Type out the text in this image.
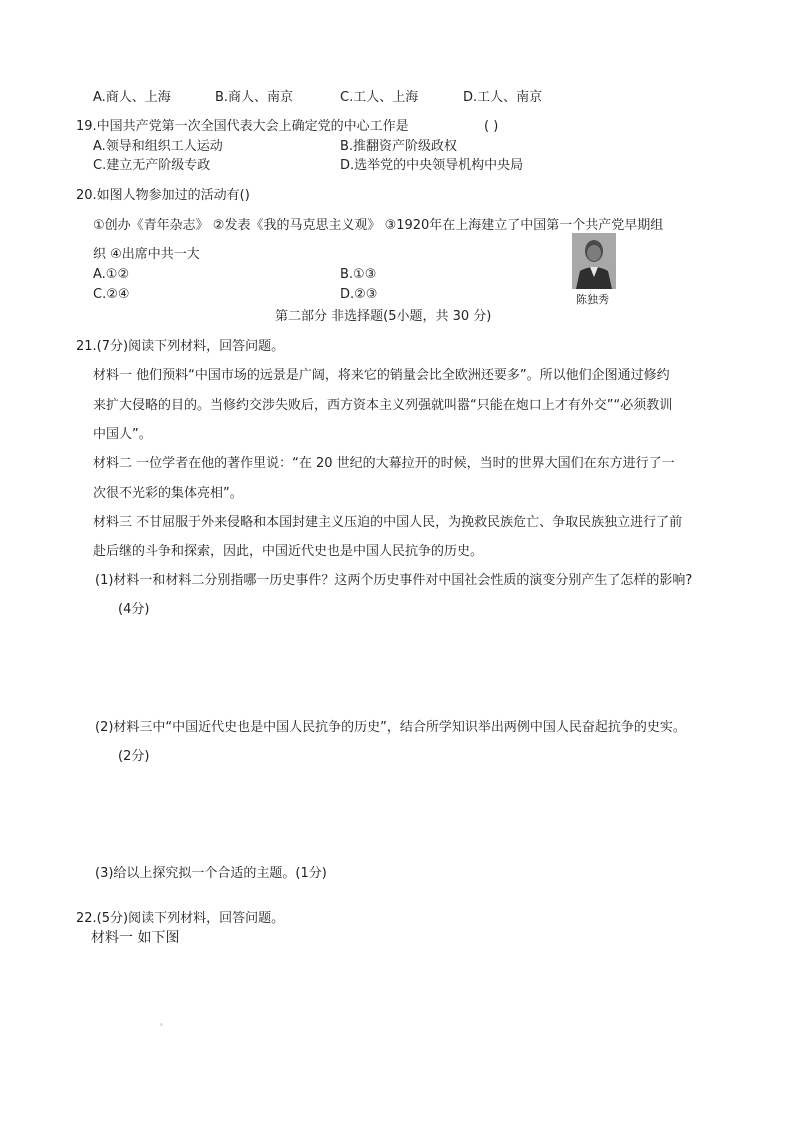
A.商人、上海	B.商人、南京	C.工人、上海	D.工人、南京
19.中国共产党第一次全国代表大会上确定党的中心工作是	( )
A.领导和组织工人运动	B.推翻资产阶级政权
C.建立无产阶级专政	D.选举党的中央领导机构中央局
20.如图人物参加过的活动有()
①创办《青年杂志》 ②发表《我的马克思主义观》 ③1920年在上海建立了中国第一个共产党早期组
织 ④出席中共一大
A.①②	B.①③
C.②④	D.②③	陈独秀
第二部分 非选择题(5小题，共 30 分)
21.(7分)阅读下列材料，回答问题。
材料一 他们预料“中国市场的远景是广阔，将来它的销量会比全欧洲还要多”。所以他们企图通过修约
来扩大侵略的目的。当修约交涉失败后，西方资本主义列强就叫嚣“只能在炮口上才有外交”“必须教训
中国人”。
材料二 一位学者在他的著作里说：“在 20 世纪的大幕拉开的时候，当时的世界大国们在东方进行了一
次很不光彩的集体亮相”。
材料三 不甘屈服于外来侵略和本国封建主义压迫的中国人民，为挽救民族危亡、争取民族独立进行了前
赴后继的斗争和探索，因此，中国近代史也是中国人民抗争的历史。
(1)材料一和材料二分别指哪一历史事件？这两个历史事件对中国社会性质的演变分别产生了怎样的影响?
(4分)
(2)材料三中“中国近代史也是中国人民抗争的历史”，结合所学知识举出两例中国人民奋起抗争的史实。
(2分)
(3)给以上探究拟一个合适的主题。(1分)
22.(5分)阅读下列材料，回答问题。
材料一 如下图
